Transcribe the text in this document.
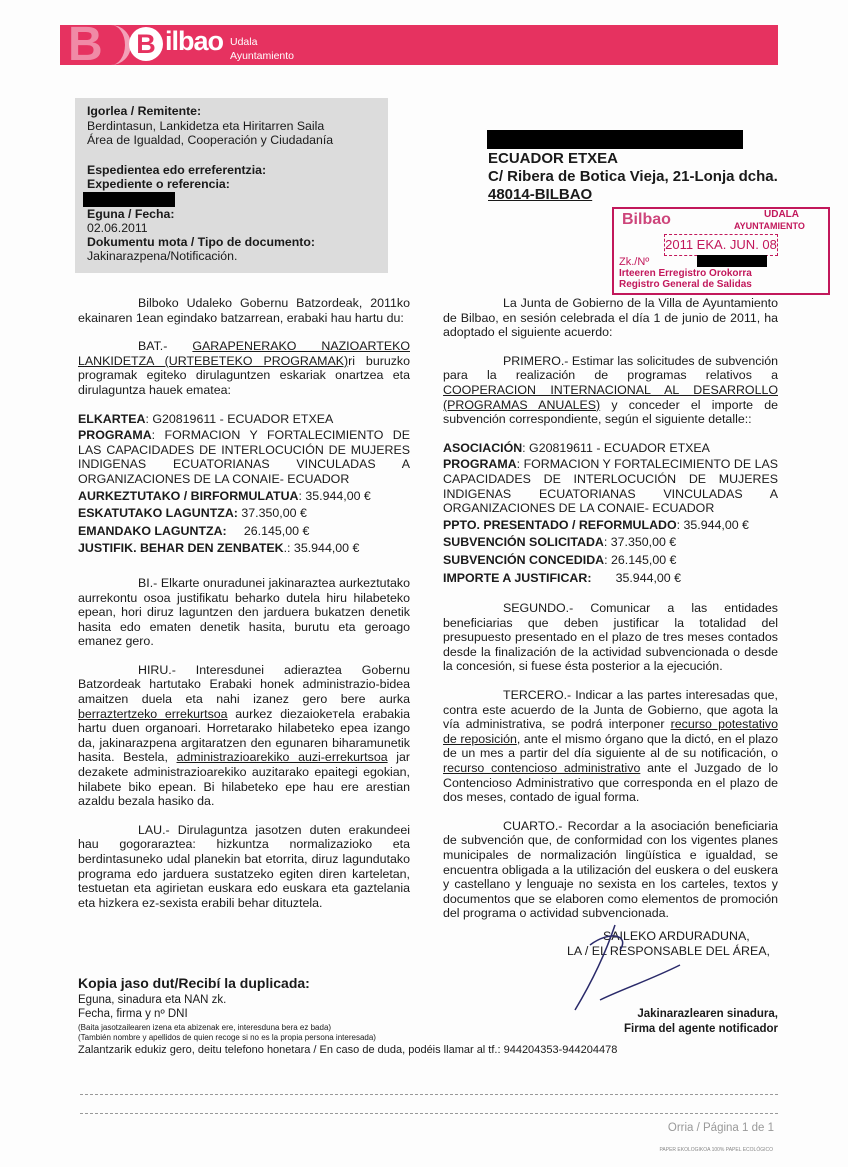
B B ilbao Udala
Ayuntamiento
Igorlea / Remitente:
Berdintasun, Lankidetza eta Hiritarren Saila
Área de Igualdad, Cooperación y Ciudadanía
Espedientea edo erreferentzia:
Expediente o referencia:
Eguna / Fecha:
02.06.2011
Dokumentu mota / Tipo de documento:
Jakinarazpena/Notificación.
ECUADOR ETXEA
C/ Ribera de Botica Vieja, 21-Lonja dcha.
48014-BILBAO
Bilbao	UDALA
AYUNTAMIENTO
2011 EKA. JUN. 08
Zk./Nº
Irteeren Erregistro Orokorra
Registro General de Salidas

Bilboko Udaleko Gobernu Batzordeak, 2011ko ekainaren 1ean egindako batzarrean, erabaki hau hartu du:

BAT.- GARAPENERAKO NAZIOARTEKO LANKIDETZA (URTEBETEKO PROGRAMAK)ri buruzko programak egiteko dirulaguntzen eskariak onartzea eta dirulaguntza hauek ematea:

ELKARTEA: G20819611 - ECUADOR ETXEA

PROGRAMA: FORMACION Y FORTALECIMIENTO DE LAS CAPACIDADES DE INTERLOCUCIÓN DE MUJERES INDIGENAS ECUATORIANAS VINCULADAS A ORGANIZACIONES DE LA CONAIE- ECUADOR

AURKEZTUTAKO / BIRFORMULATUA: 35.944,00 €

ESKATUTAKO LAGUNTZA: 37.350,00 €

EMANDAKO LAGUNTZA: 26.145,00 €

JUSTIFIK. BEHAR DEN ZENBATEK.: 35.944,00 €

BI.- Elkarte onuradunei jakinaraztea aurkeztutako aurrekontu osoa justifikatu beharko dutela hiru hilabeteko epean, hori diruz laguntzen den jarduera bukatzen denetik hasita edo ematen denetik hasita, burutu eta geroago emanez gero.

HIRU.- Interesdunei adieraztea Gobernu Batzordeak hartutako Erabaki honek administrazio-bidea amaitzen duela eta nahi izanez gero bere aurka berraztertzeko errekurtsoa aurkez diezaiokeтela erabakia hartu duen organoari. Horretarako hilabeteko epea izango da, jakinarazpena argitaratzen den egunaren biharamunetik hasita. Bestela, administrazioarekiko auzi-errekurtsoa jar dezakete administrazioarekiko auzitarako epaitegi egokian, hilabete biko epean. Bi hilabeteko epe hau ere arestian azaldu bezala hasiko da.

LAU.- Dirulaguntza jasotzen duten erakundeei hau gogoraraztea: hizkuntza normalizazioko eta berdintasuneko udal planekin bat etorrita, diruz lagundutako programa edo jarduera sustatzeko egiten diren karteletan, testuetan eta agirietan euskara edo euskara eta gaztelania eta hizkera ez-sexista erabili behar dituztela.

La Junta de Gobierno de la Villa de Ayuntamiento de Bilbao, en sesión celebrada el día 1 de junio de 2011, ha adoptado el siguiente acuerdo:

PRIMERO.- Estimar las solicitudes de subvención para la realización de programas relativos a COOPERACION INTERNACIONAL AL DESARROLLO (PROGRAMAS ANUALES) y conceder el importe de subvención correspondiente, según el siguiente detalle::

ASOCIACIÓN: G20819611 - ECUADOR ETXEA

PROGRAMA: FORMACION Y FORTALECIMIENTO DE LAS CAPACIDADES DE INTERLOCUCIÓN DE MUJERES INDIGENAS ECUATORIANAS VINCULADAS A ORGANIZACIONES DE LA CONAIE- ECUADOR

PPTO. PRESENTADO / REFORMULADO: 35.944,00 €

SUBVENCIÓN SOLICITADA: 37.350,00 €

SUBVENCIÓN CONCEDIDA: 26.145,00 €

IMPORTE A JUSTIFICAR: 35.944,00 €

SEGUNDO.- Comunicar a las entidades beneficiarias que deben justificar la totalidad del presupuesto presentado en el plazo de tres meses contados desde la finalización de la actividad subvencionada o desde la concesión, si fuese ésta posterior a la ejecución.

TERCERO.- Indicar a las partes interesadas que, contra este acuerdo de la Junta de Gobierno, que agota la vía administrativa, se podrá interponer recurso potestativo de reposición, ante el mismo órgano que la dictó, en el plazo de un mes a partir del día siguiente al de su notificación, o recurso contencioso administrativo ante el Juzgado de lo Contencioso Administrativo que corresponda en el plazo de dos meses, contado de igual forma.

CUARTO.- Recordar a la asociación beneficiaria de subvención que, de conformidad con los vigentes planes municipales de normalización lingüística e igualdad, se encuentra obligada a la utilización del euskera o del euskera y castellano y lenguaje no sexista en los carteles, textos y documentos que se elaboren como elementos de promoción del programa o actividad subvencionada.

SAILEKO ARDURADUNA,

LA / EL RESPONSABLE DEL ÁREA,

Kopia jaso dut/Recibí la duplicada:
Eguna, sinadura eta NAN zk.
Fecha, firma y nº DNI
(Baita jasotzailearen izena eta abizenak ere, interesduna bera ez bada)
(También nombre y apellidos de quien recoge si no es la propia persona interesada)
Zalantzarik edukiz gero, deitu telefono honetara / En caso de duda, podéis llamar al tf.: 944204353-944204478
Jakinarazlearen sinadura,
Firma del agente notificador
Orria / Página 1 de 1
PAPER EKOLOGIKOA 100% PAPEL ECOLÓGICO
